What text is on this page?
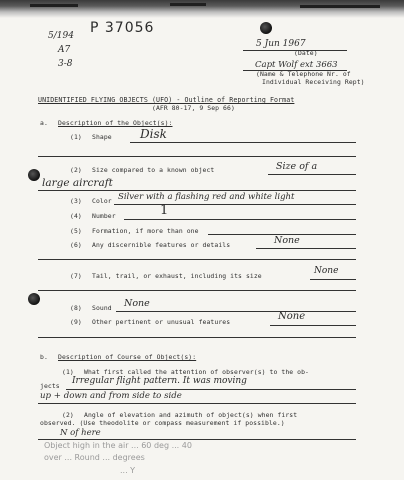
P 37056
5/194
A7
3-8
5 Jun 1967
(Date)
Capt Wolf ext 3663
(Name & Telephone Nr. of
Individual Receiving Rept)
UNIDENTIFIED FLYING OBJECTS (UFO) - Outline of Reporting Format
(AFR 80-17, 9 Sep 66)
a. Description of the Object(s):
(1) Shape Disk
(2) Size compared to a known object	Size of a
large aircraft
(3) Color Silver with a flashing red and white light
(4) Number	1
(5) Formation, if more than one
(6) Any discernible features or details	None
(7) Tail, trail, or exhaust, including its size	None
(8) Sound None
(9) Other pertinent or unusual features	None
b. Description of Course of Object(s):
(1) What first called the attention of observer(s) to the ob-
jects Irregular flight pattern. It was moving
up + down and from side to side
(2) Angle of elevation and azimuth of object(s) when first
observed. (Use theodolite or compass measurement if possible.)
N of here
Object high in the air ... 60 deg ... 40
over ... Round ... degrees
... Y
